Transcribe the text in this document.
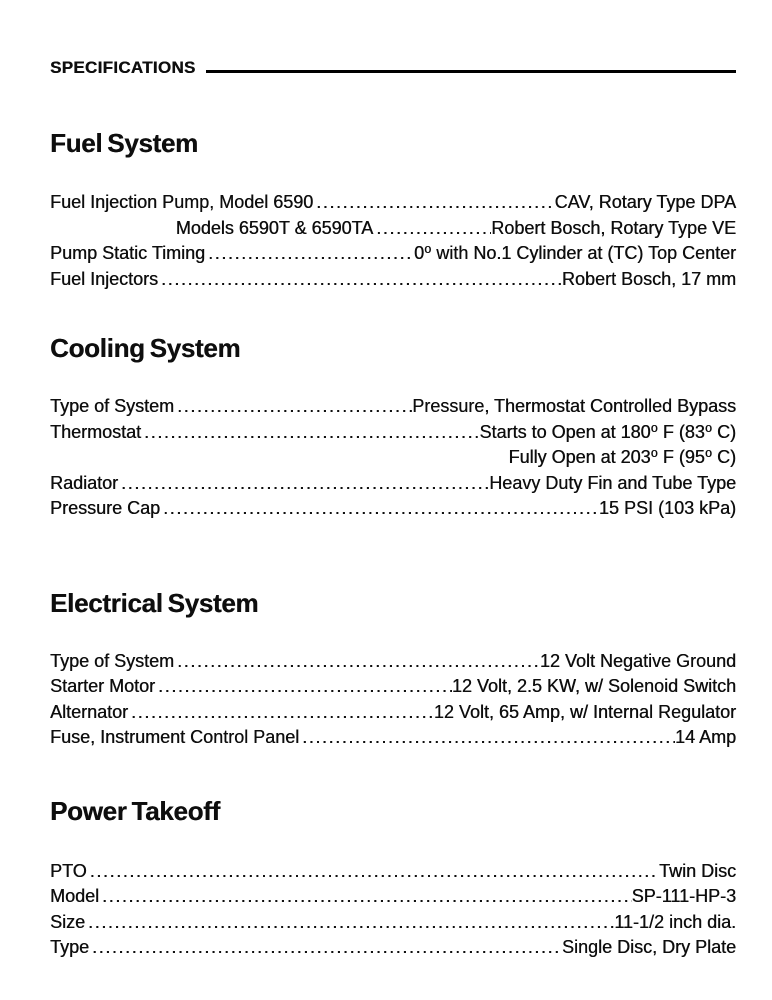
SPECIFICATIONS
Fuel System
Fuel Injection Pump, Model 6590 .....	CAV, Rotary Type DPA
Models 6590T & 6590TA .....	Robert Bosch, Rotary Type VE
Pump Static Timing .....	0⁰ with No.1 Cylinder at (TC) Top Center
Fuel Injectors .....	Robert Bosch, 17 mm
Cooling System
Type of System .....	Pressure, Thermostat Controlled Bypass
Thermostat .....	Starts to Open at 180⁰ F (83⁰ C)
Fully Open at 203⁰ F (95⁰ C)
Radiator .....	Heavy Duty Fin and Tube Type
Pressure Cap .....	15 PSI (103 kPa)
Electrical System
Type of System .....	12 Volt Negative Ground
Starter Motor .....	12 Volt, 2.5 KW, w/ Solenoid Switch
Alternator .....	12 Volt, 65 Amp, w/ Internal Regulator
Fuse, Instrument Control Panel .....	14 Amp
Power Takeoff
PTO .....	Twin Disc
Model .....	SP-111-HP-3
Size .....	11-1/2 inch dia.
Type .....	Single Disc, Dry Plate
